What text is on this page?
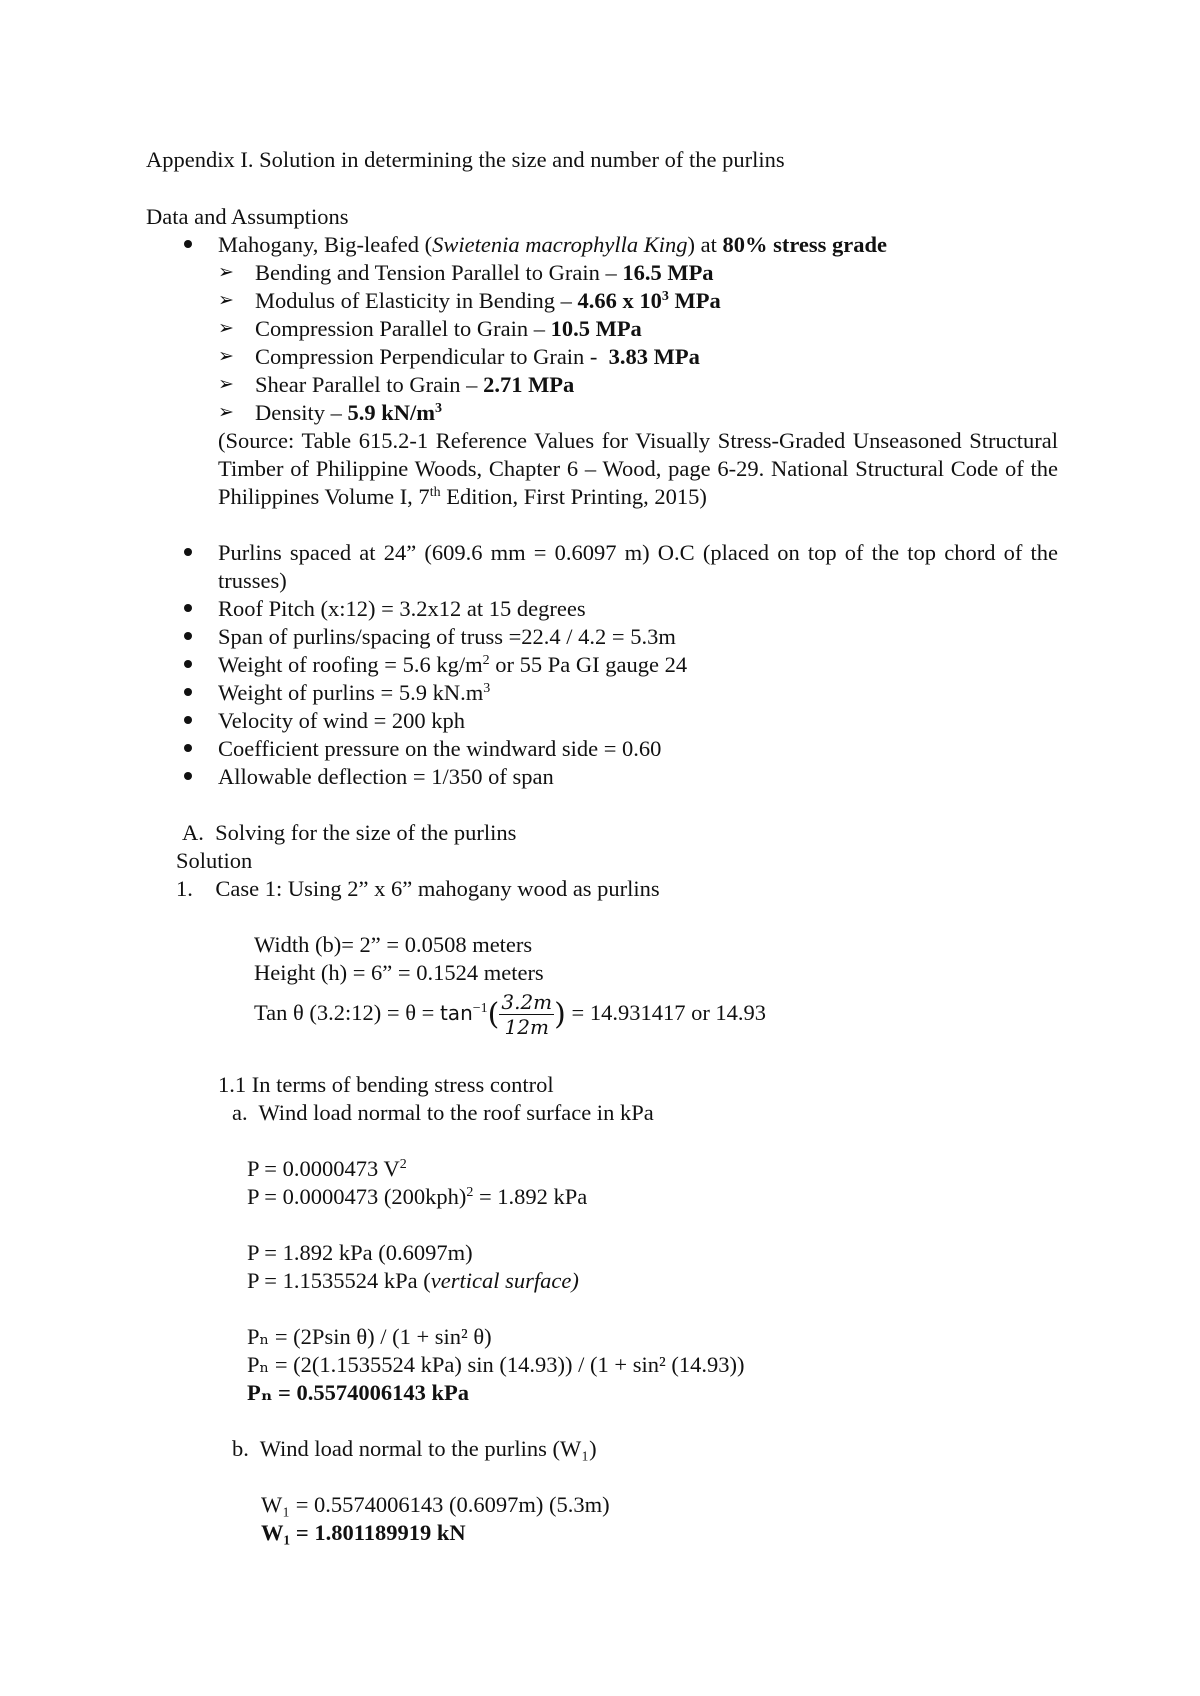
Appendix I. Solution in determining the size and number of the purlins
Data and Assumptions
Mahogany, Big-leafed (Swietenia macrophylla King) at 80% stress grade
➢ Bending and Tension Parallel to Grain – 16.5 MPa
➢ Modulus of Elasticity in Bending – 4.66 x $10^3$ MPa
➢ Compression Parallel to Grain – 10.5 MPa
➢ Compression Perpendicular to Grain -  3.83 MPa
➢ Shear Parallel to Grain – 2.71 MPa
➢ Density – 5.9 $kN/m^3$
(Source: Table 615.2-1 Reference Values for Visually Stress-Graded Unseasoned Structural Timber of Philippine Woods, Chapter 6 – Wood, page 6-29. National Structural Code of the Philippines Volume I, 7th Edition, First Printing, 2015)
Purlins spaced at 24” (609.6 mm = 0.6097 m) O.C (placed on top of the top chord of the trusses)
Roof Pitch (x:12) = 3.2x12 at 15 degrees
Span of purlins/spacing of truss =22.4 / 4.2 = 5.3m
Weight of roofing = 5.6 $kg/m^2$ or 55 Pa GI gauge 24
Weight of purlins = 5.9 $kN.m^3$
Velocity of wind = 200 kph
Coefficient pressure on the windward side = 0.60
Allowable deflection = 1/350 of span
A.  Solving for the size of the purlins
Solution
1.    Case 1: Using 2” x 6” mahogany wood as purlins
Width (b)= 2” = 0.0508 meters
Height (h) = 6” = 0.1524 meters
Tan θ (3.2:12) = $\theta = \tan^{-1}( \frac{3.2m}{12m}$ ) = 14.931417 or 14.93
1.1 In terms of bending stress control
a.  Wind load normal to the roof surface in kPa
P = 0.0000473 $V^2$
P = 0.0000473 $(200kph)^2 = 1.892$ kPa
P = 1.892 kPa (0.6097m)
P = 1.1535524 kPa (vertical surface)
Pₙ = (2Psin θ) / (1 + sin² θ)
Pₙ = (2(1.1535524 kPa) sin (14.93)) / (1 + sin² (14.93))
Pₙ = 0.5574006143 kPa
b.  Wind load normal to the purlins (W₁)
W₁ = 0.5574006143 (0.6097m) (5.3m)
W₁ = 1.801189919 kN
